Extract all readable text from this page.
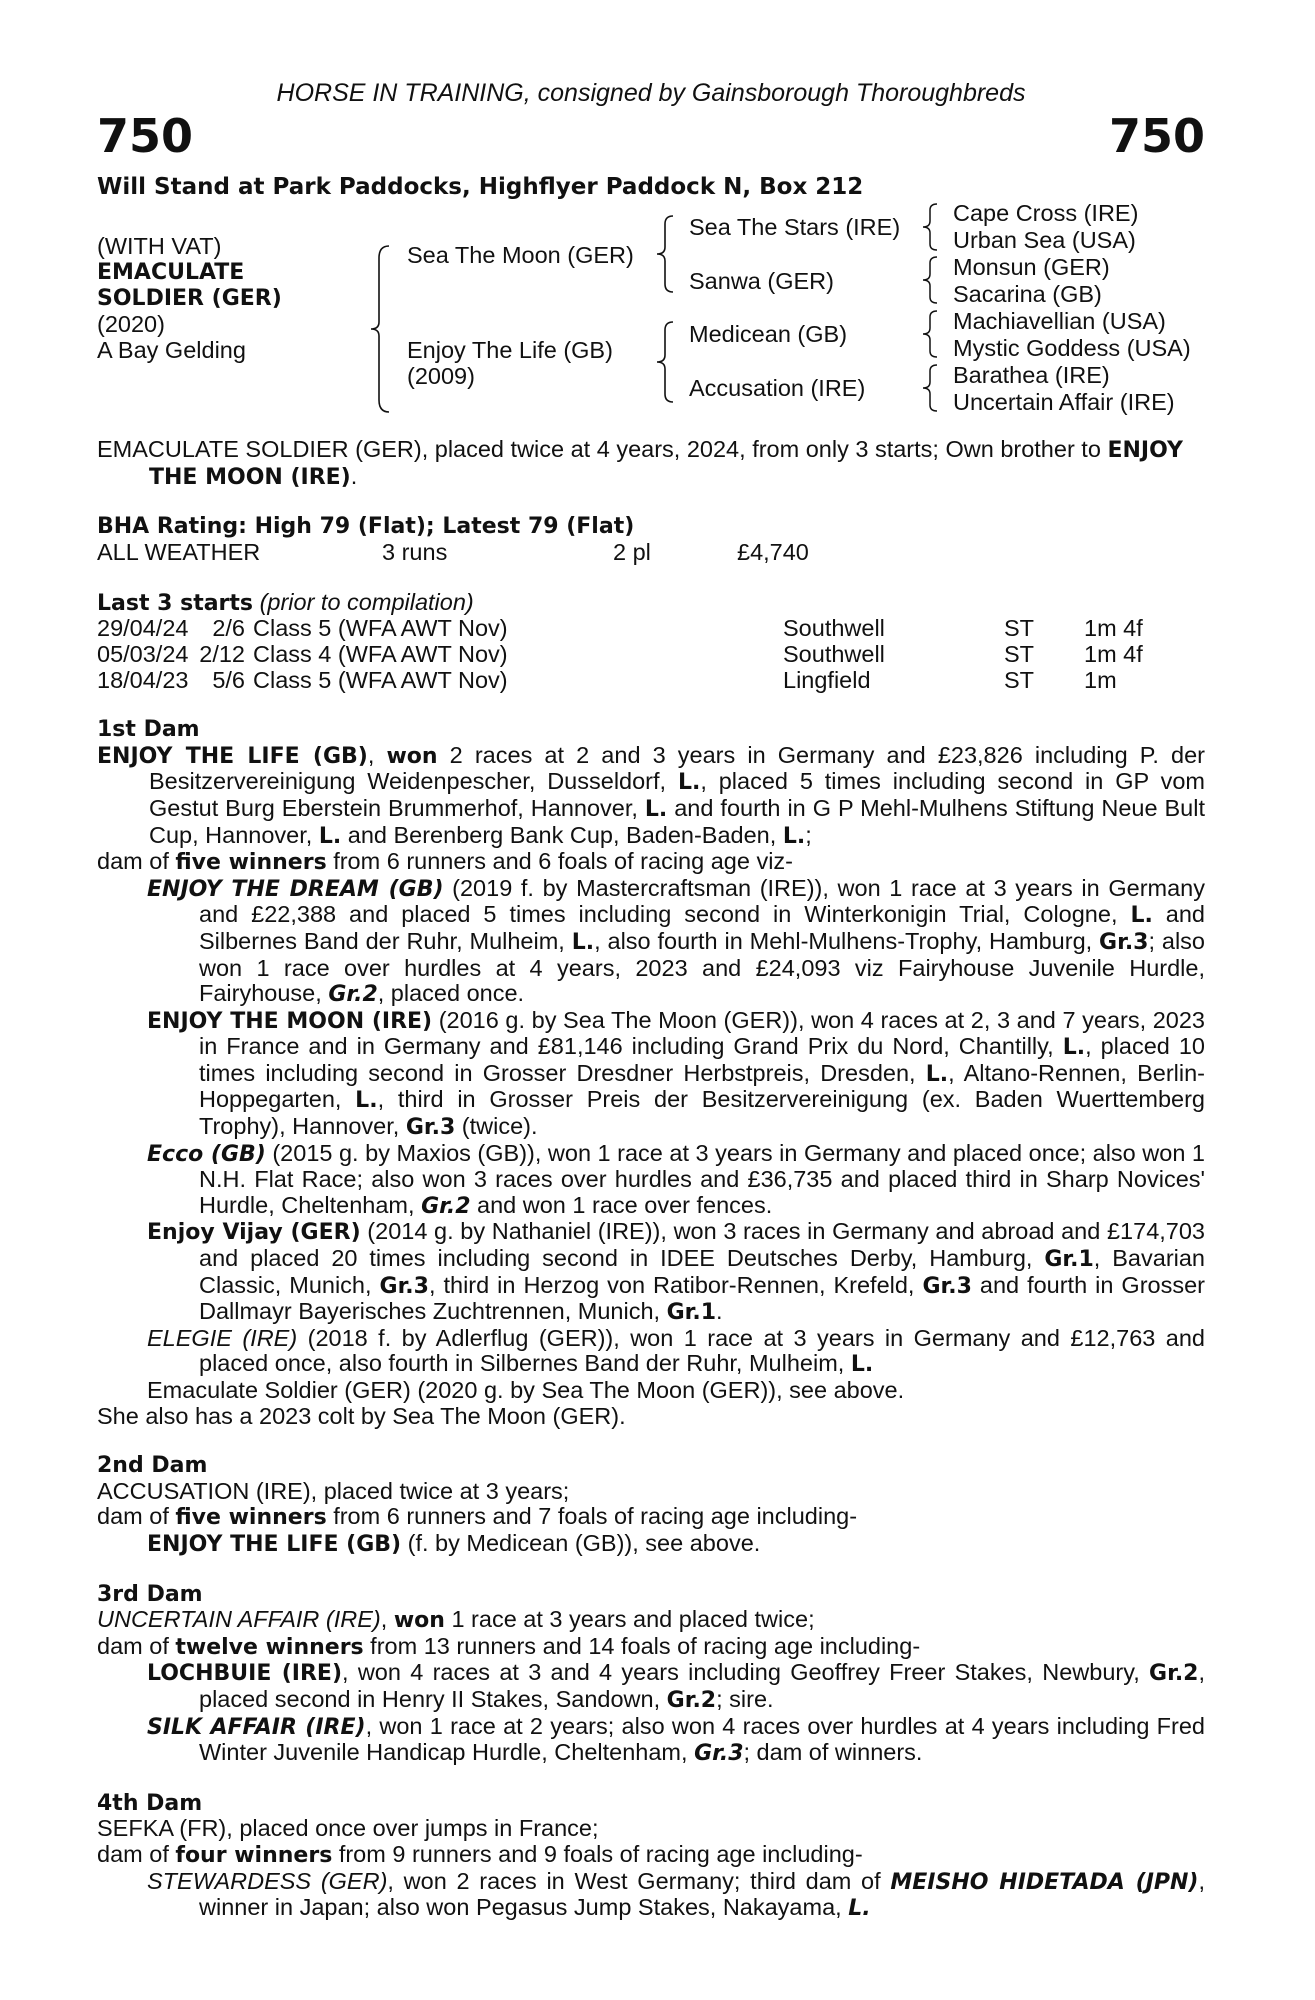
HORSE IN TRAINING, consigned by Gainsborough Thoroughbreds

750	750
Will Stand at Park Paddocks, Highflyer Paddock N, Box 212
(WITH VAT)
EMACULATE
SOLDIER (GER)
(2020)
A Bay Gelding
Sea The Moon (GER)
Enjoy The Life (GB)
(2009)
Sea The Stars (IRE)
Sanwa (GER)
Medicean (GB)
Accusation (IRE)
Cape Cross (IRE)
Urban Sea (USA)
Monsun (GER)
Sacarina (GB)
Machiavellian (USA)
Mystic Goddess (USA)
Barathea (IRE)
Uncertain Affair (IRE)

EMACULATE SOLDIER (GER), placed twice at 4 years, 2024, from only 3 starts; Own brother to ENJOY THE MOON (IRE).

BHA Rating: High 79 (Flat); Latest 79 (Flat)
ALL WEATHER	3 runs	2 pl	£4,740
Last 3 starts (prior to compilation)
29/04/24	2/6	Class 5 (WFA AWT Nov)	Southwell	ST	1m 4f
05/03/24	2/12	Class 4 (WFA AWT Nov)	Southwell	ST	1m 4f
18/04/23	5/6	Class 5 (WFA AWT Nov)	Lingfield	ST	1m
1st Dam

ENJOY THE LIFE (GB), won 2 races at 2 and 3 years in Germany and £23,826 including P. der Besitzervereinigung Weidenpescher, Dusseldorf, L., placed 5 times including second in GP vom Gestut Burg Eberstein Brummerhof, Hannover, L. and fourth in G P Mehl-Mulhens Stiftung Neue Bult Cup, Hannover, L. and Berenberg Bank Cup, Baden-Baden, L.;

dam of five winners from 6 runners and 6 foals of racing age viz-

ENJOY THE DREAM (GB) (2019 f. by Mastercraftsman (IRE)), won 1 race at 3 years in Germany and £22,388 and placed 5 times including second in Winterkonigin Trial, Cologne, L. and Silbernes Band der Ruhr, Mulheim, L., also fourth in Mehl-Mulhens-Trophy, Hamburg, Gr.3; also won 1 race over hurdles at 4 years, 2023 and £24,093 viz Fairyhouse Juvenile Hurdle, Fairyhouse, Gr.2, placed once.

ENJOY THE MOON (IRE) (2016 g. by Sea The Moon (GER)), won 4 races at 2, 3 and 7 years, 2023 in France and in Germany and £81,146 including Grand Prix du Nord, Chantilly, L., placed 10 times including second in Grosser Dresdner Herbstpreis, Dresden, L., Altano-Rennen, Berlin-Hoppegarten, L., third in Grosser Preis der Besitzervereinigung (ex. Baden Wuerttemberg Trophy), Hannover, Gr.3 (twice).

Ecco (GB) (2015 g. by Maxios (GB)), won 1 race at 3 years in Germany and placed once; also won 1 N.H. Flat Race; also won 3 races over hurdles and £36,735 and placed third in Sharp Novices' Hurdle, Cheltenham, Gr.2 and won 1 race over fences.

Enjoy Vijay (GER) (2014 g. by Nathaniel (IRE)), won 3 races in Germany and abroad and £174,703 and placed 20 times including second in IDEE Deutsches Derby, Hamburg, Gr.1, Bavarian Classic, Munich, Gr.3, third in Herzog von Ratibor-Rennen, Krefeld, Gr.3 and fourth in Grosser Dallmayr Bayerisches Zuchtrennen, Munich, Gr.1.

ELEGIE (IRE) (2018 f. by Adlerflug (GER)), won 1 race at 3 years in Germany and £12,763 and placed once, also fourth in Silbernes Band der Ruhr, Mulheim, L.

Emaculate Soldier (GER) (2020 g. by Sea The Moon (GER)), see above.

She also has a 2023 colt by Sea The Moon (GER).

2nd Dam

ACCUSATION (IRE), placed twice at 3 years;

dam of five winners from 6 runners and 7 foals of racing age including-

ENJOY THE LIFE (GB) (f. by Medicean (GB)), see above.

3rd Dam

UNCERTAIN AFFAIR (IRE), won 1 race at 3 years and placed twice;

dam of twelve winners from 13 runners and 14 foals of racing age including-

LOCHBUIE (IRE), won 4 races at 3 and 4 years including Geoffrey Freer Stakes, Newbury, Gr.2, placed second in Henry II Stakes, Sandown, Gr.2; sire.

SILK AFFAIR (IRE), won 1 race at 2 years; also won 4 races over hurdles at 4 years including Fred Winter Juvenile Handicap Hurdle, Cheltenham, Gr.3; dam of winners.

4th Dam

SEFKA (FR), placed once over jumps in France;

dam of four winners from 9 runners and 9 foals of racing age including-

STEWARDESS (GER), won 2 races in West Germany; third dam of MEISHO HIDETADA (JPN), winner in Japan; also won Pegasus Jump Stakes, Nakayama, L.
